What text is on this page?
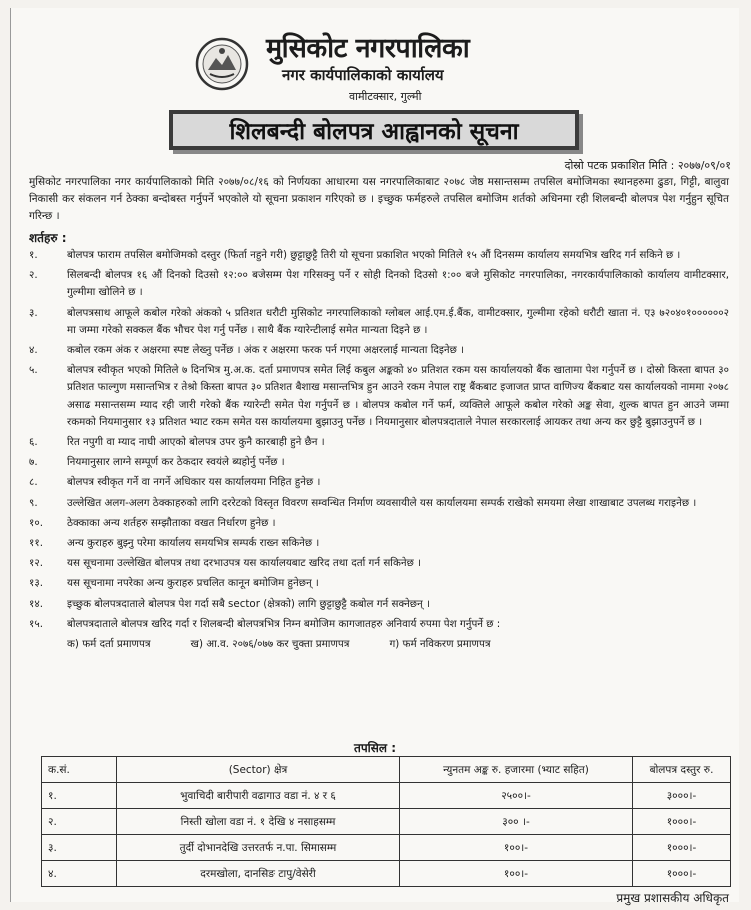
मुसिकोट नगरपालिका
नगर कार्यपालिकाको कार्यालय
वामीटक्सार, गुल्मी
शिलबन्दी बोलपत्र आह्वानको सूचना
दोस्रो पटक प्रकाशित मिति : २०७७/०९/०१
मुसिकोट नगरपालिका नगर कार्यपालिकाको मिति २०७७/०८/१६ को निर्णयका आधारमा यस नगरपालिकाबाट २०७८ जेष्ठ मसान्तसम्म तपसिल बमोजिमका स्थानहरुमा ढुङा, गिट्टी, बालुवा निकासी कर संकलन गर्न ठेक्का बन्दोबस्त गर्नुपर्ने भएकोले यो सूचना प्रकाशन गरिएको छ । इच्छुक फर्महरुले तपसिल बमोजिम शर्तको अधिनमा रही शिलबन्दी बोलपत्र पेश गर्नुहुन सूचित गरिन्छ ।
शर्तहरु :
१.	बोलपत्र फाराम तपसिल बमोजिमको दस्तुर (फिर्ता नहुने गरी) छुट्टाछुट्टै तिरी यो सूचना प्रकाशित भएको मितिले १५ औं दिनसम्म कार्यालय समयभित्र खरिद गर्न सकिने छ ।
२.	सिलबन्दी बोलपत्र १६ औं दिनको दिउसो १२:०० बजेसम्म पेश गरिसक्नु पर्ने र सोही दिनको दिउसो १:०० बजे मुसिकोट नगरपालिका, नगरकार्यपालिकाको कार्यालय वामीटक्सार, गुल्मीमा खोलिने छ ।
३.	बोलपत्रसाथ आफूले कबोल गरेको अंकको ५ प्रतिशत धरौटी मुसिकोट नगरपालिकाको ग्लोबल आई.एम.ई.बैंक, वामीटक्सार, गुल्मीमा रहेको धरौटी खाता नं. ए३ ७२०४०१००००००२ मा जम्मा गरेको सक्कल बैंक भौचर पेश गर्नु पर्नेछ । साथै बैंक ग्यारेन्टीलाई समेत मान्यता दिइने छ ।
४.	कबोल रकम अंक र अक्षरमा स्पष्ट लेख्नु पर्नेछ । अंक र अक्षरमा फरक पर्न गएमा अक्षरलाई मान्यता दिइनेछ ।
५.	बोलपत्र स्वीकृत भएको मितिले ७ दिनभित्र मु.अ.क. दर्ता प्रमाणपत्र समेत लिई कबुल अङ्कको ४० प्रतिशत रकम यस कार्यालयको बैंक खातामा पेश गर्नुपर्ने छ । दोस्रो किस्ता बापत ३० प्रतिशत फाल्गुण मसान्तभित्र र तेश्रो किस्ता बापत ३० प्रतिशत बैशाख मसान्तभित्र हुन आउने रकम नेपाल राष्ट्र बैंकबाट इजाजत प्राप्त वाणिज्य बैंकबाट यस कार्यालयको नाममा २०७८ असाढ मसान्तसम्म म्याद रही जारी गरेको बैंक ग्यारेन्टी समेत पेश गर्नुपर्ने छ । बोलपत्र कबोल गर्ने फर्म, व्यक्तिले आफूले कबोल गरेको अङ्क सेवा, शुल्क बापत हुन आउने जम्मा रकमको नियमानुसार १३ प्रतिशत भ्याट रकम समेत यस कार्यालयमा बुझाउनु पर्नेछ । नियमानुसार बोलपत्रदाताले नेपाल सरकारलाई आयकर तथा अन्य कर छुट्टै बुझाउनुपर्ने छ ।
६.	रित नपुगी वा म्याद नाघी आएको बोलपत्र उपर कुनै कारबाही हुने छैन ।
७.	नियमानुसार लाग्ने सम्पूर्ण कर ठेकदार स्वयंले ब्यहोर्नु पर्नेछ ।
८.	बोलपत्र स्वीकृत गर्ने वा नगर्ने अधिकार यस कार्यालयमा निहित हुनेछ ।
९.	उल्लेखित अलग-अलग ठेक्काहरुको लागि दररेटको विस्तृत विवरण सम्वन्धित निर्माण व्यवसायीले यस कार्यालयमा सम्पर्क राखेको समयमा लेखा शाखाबाट उपलब्ध गराइनेछ ।
१०.	ठेक्काका अन्य शर्तहरु सम्झौताका वखत निर्धारण हुनेछ ।
११.	अन्य कुराहरु बुझ्नु परेमा कार्यालय समयभित्र सम्पर्क राख्न सकिनेछ ।
१२.	यस सूचनामा उल्लेखित बोलपत्र तथा दरभाउपत्र यस कार्यालयबाट खरिद तथा दर्ता गर्न सकिनेछ ।
१३.	यस सूचनामा नपरेका अन्य कुराहरु प्रचलित कानून बमोजिम हुनेछन् ।
१४.	इच्छुक बोलपत्रदाताले बोलपत्र पेश गर्दा सबै sector (क्षेत्रको) लागि छुट्टाछुट्टै कबोल गर्न सक्नेछन् ।
१५.	बोलपत्रदाताले बोलपत्र खरिद गर्दा र शिलबन्दी बोलपत्रभित्र निम्न बमोजिम कागजातहरु अनिवार्य रुपमा पेश गर्नुपर्ने छ :
क) फर्म दर्ता प्रमाणपत्र	ख) आ.व. २०७६/०७७ कर चुक्ता प्रमाणपत्र	ग) फर्म नविकरण प्रमाणपत्र
तपसिल :
क.सं.	(Sector) क्षेत्र	न्युनतम अङ्क रु. हजारमा (भ्याट सहित)	बोलपत्र दस्तुर रु.
१.	भुवाचिदी बारीपारी वढागाउ वडा नं. ४ र ६	२५००।-	३०००।-
२.	निस्ती खोला वडा नं. १ देखि ४ नसाहसम्म	३०० ।-	१०००।-
३.	तुर्दी दोभानदेखि उत्तरतर्फ न.पा. सिमासम्म	१००।-	१०००।-
४.	दरमखोला, दानसिङ टापु/वेसेरी	१००।-	१०००।-
प्रमुख प्रशासकीय अधिकृत
